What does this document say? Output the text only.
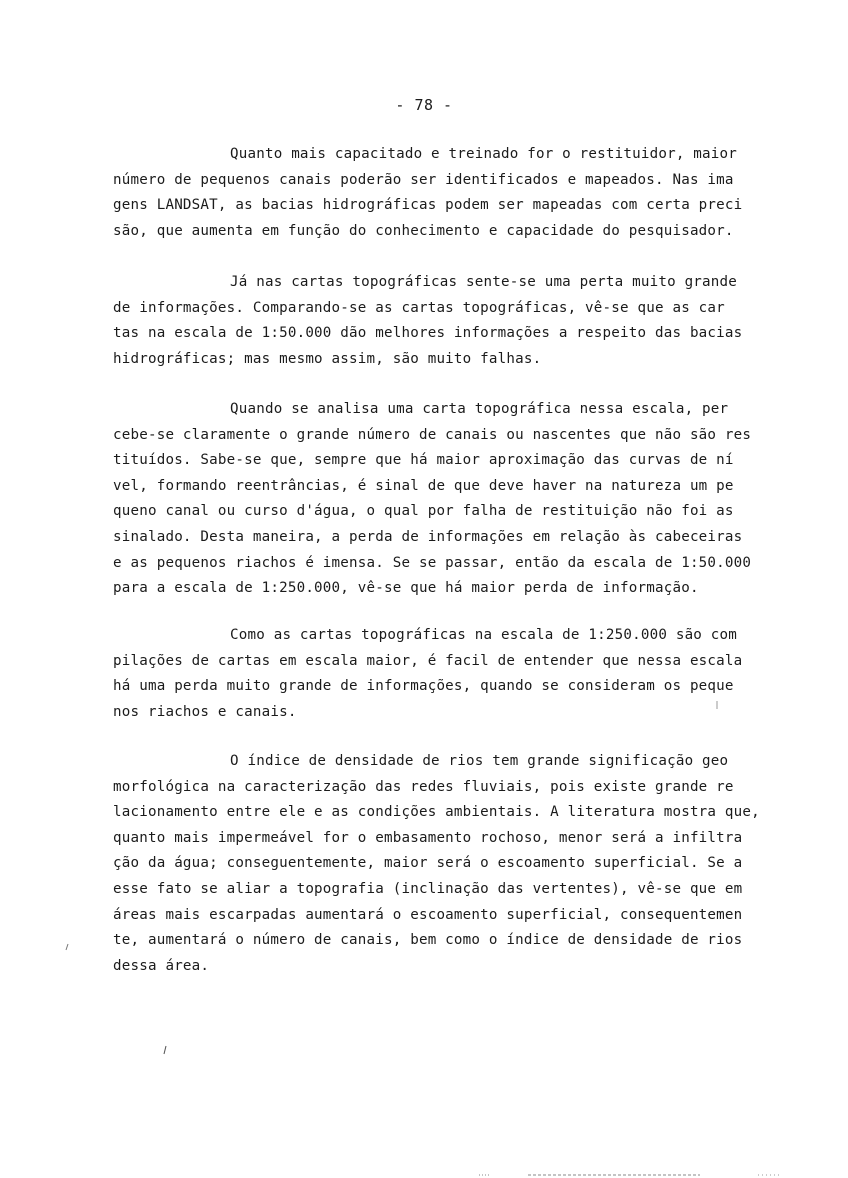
- 78 -
Quanto mais capacitado e treinado for o restituidor, maior
número de pequenos canais poderão ser identificados e mapeados. Nas ima
gens LANDSAT, as bacias hidrográficas podem ser mapeadas com certa preci
são, que aumenta em função do conhecimento e capacidade do pesquisador.
Já nas cartas topográficas sente-se uma perta muito grande
de informações. Comparando-se as cartas topográficas, vê-se que as car
tas na escala de 1:50.000 dão melhores informações a respeito das bacias
hidrográficas; mas mesmo assim, são muito falhas.
Quando se analisa uma carta topográfica nessa escala, per
cebe-se claramente o grande número de canais ou nascentes que não são res
tituídos. Sabe-se que, sempre que há maior aproximação das curvas de ní
vel, formando reentrâncias, é sinal de que deve haver na natureza um pe
queno canal ou curso d'água, o qual por falha de restituição não foi as
sinalado. Desta maneira, a perda de informações em relação às cabeceiras
e as pequenos riachos é imensa. Se se passar, então da escala de 1:50.000
para a escala de 1:250.000, vê-se que há maior perda de informação.
Como as cartas topográficas na escala de 1:250.000 são com
pilações de cartas em escala maior, é facil de entender que nessa escala
há uma perda muito grande de informações, quando se consideram os peque
nos riachos e canais.
O índice de densidade de rios tem grande significação geo
morfológica na caracterização das redes fluviais, pois existe grande re
lacionamento entre ele e as condições ambientais. A literatura mostra que,
quanto mais impermeável for o embasamento rochoso, menor será a infiltra
ção da água; conseguentemente, maior será o escoamento superficial. Se a
esse fato se aliar a topografia (inclinação das vertentes), vê-se que em
áreas mais escarpadas aumentará o escoamento superficial, consequentemen
te, aumentará o número de canais, bem como o índice de densidade de rios
dessa área.
